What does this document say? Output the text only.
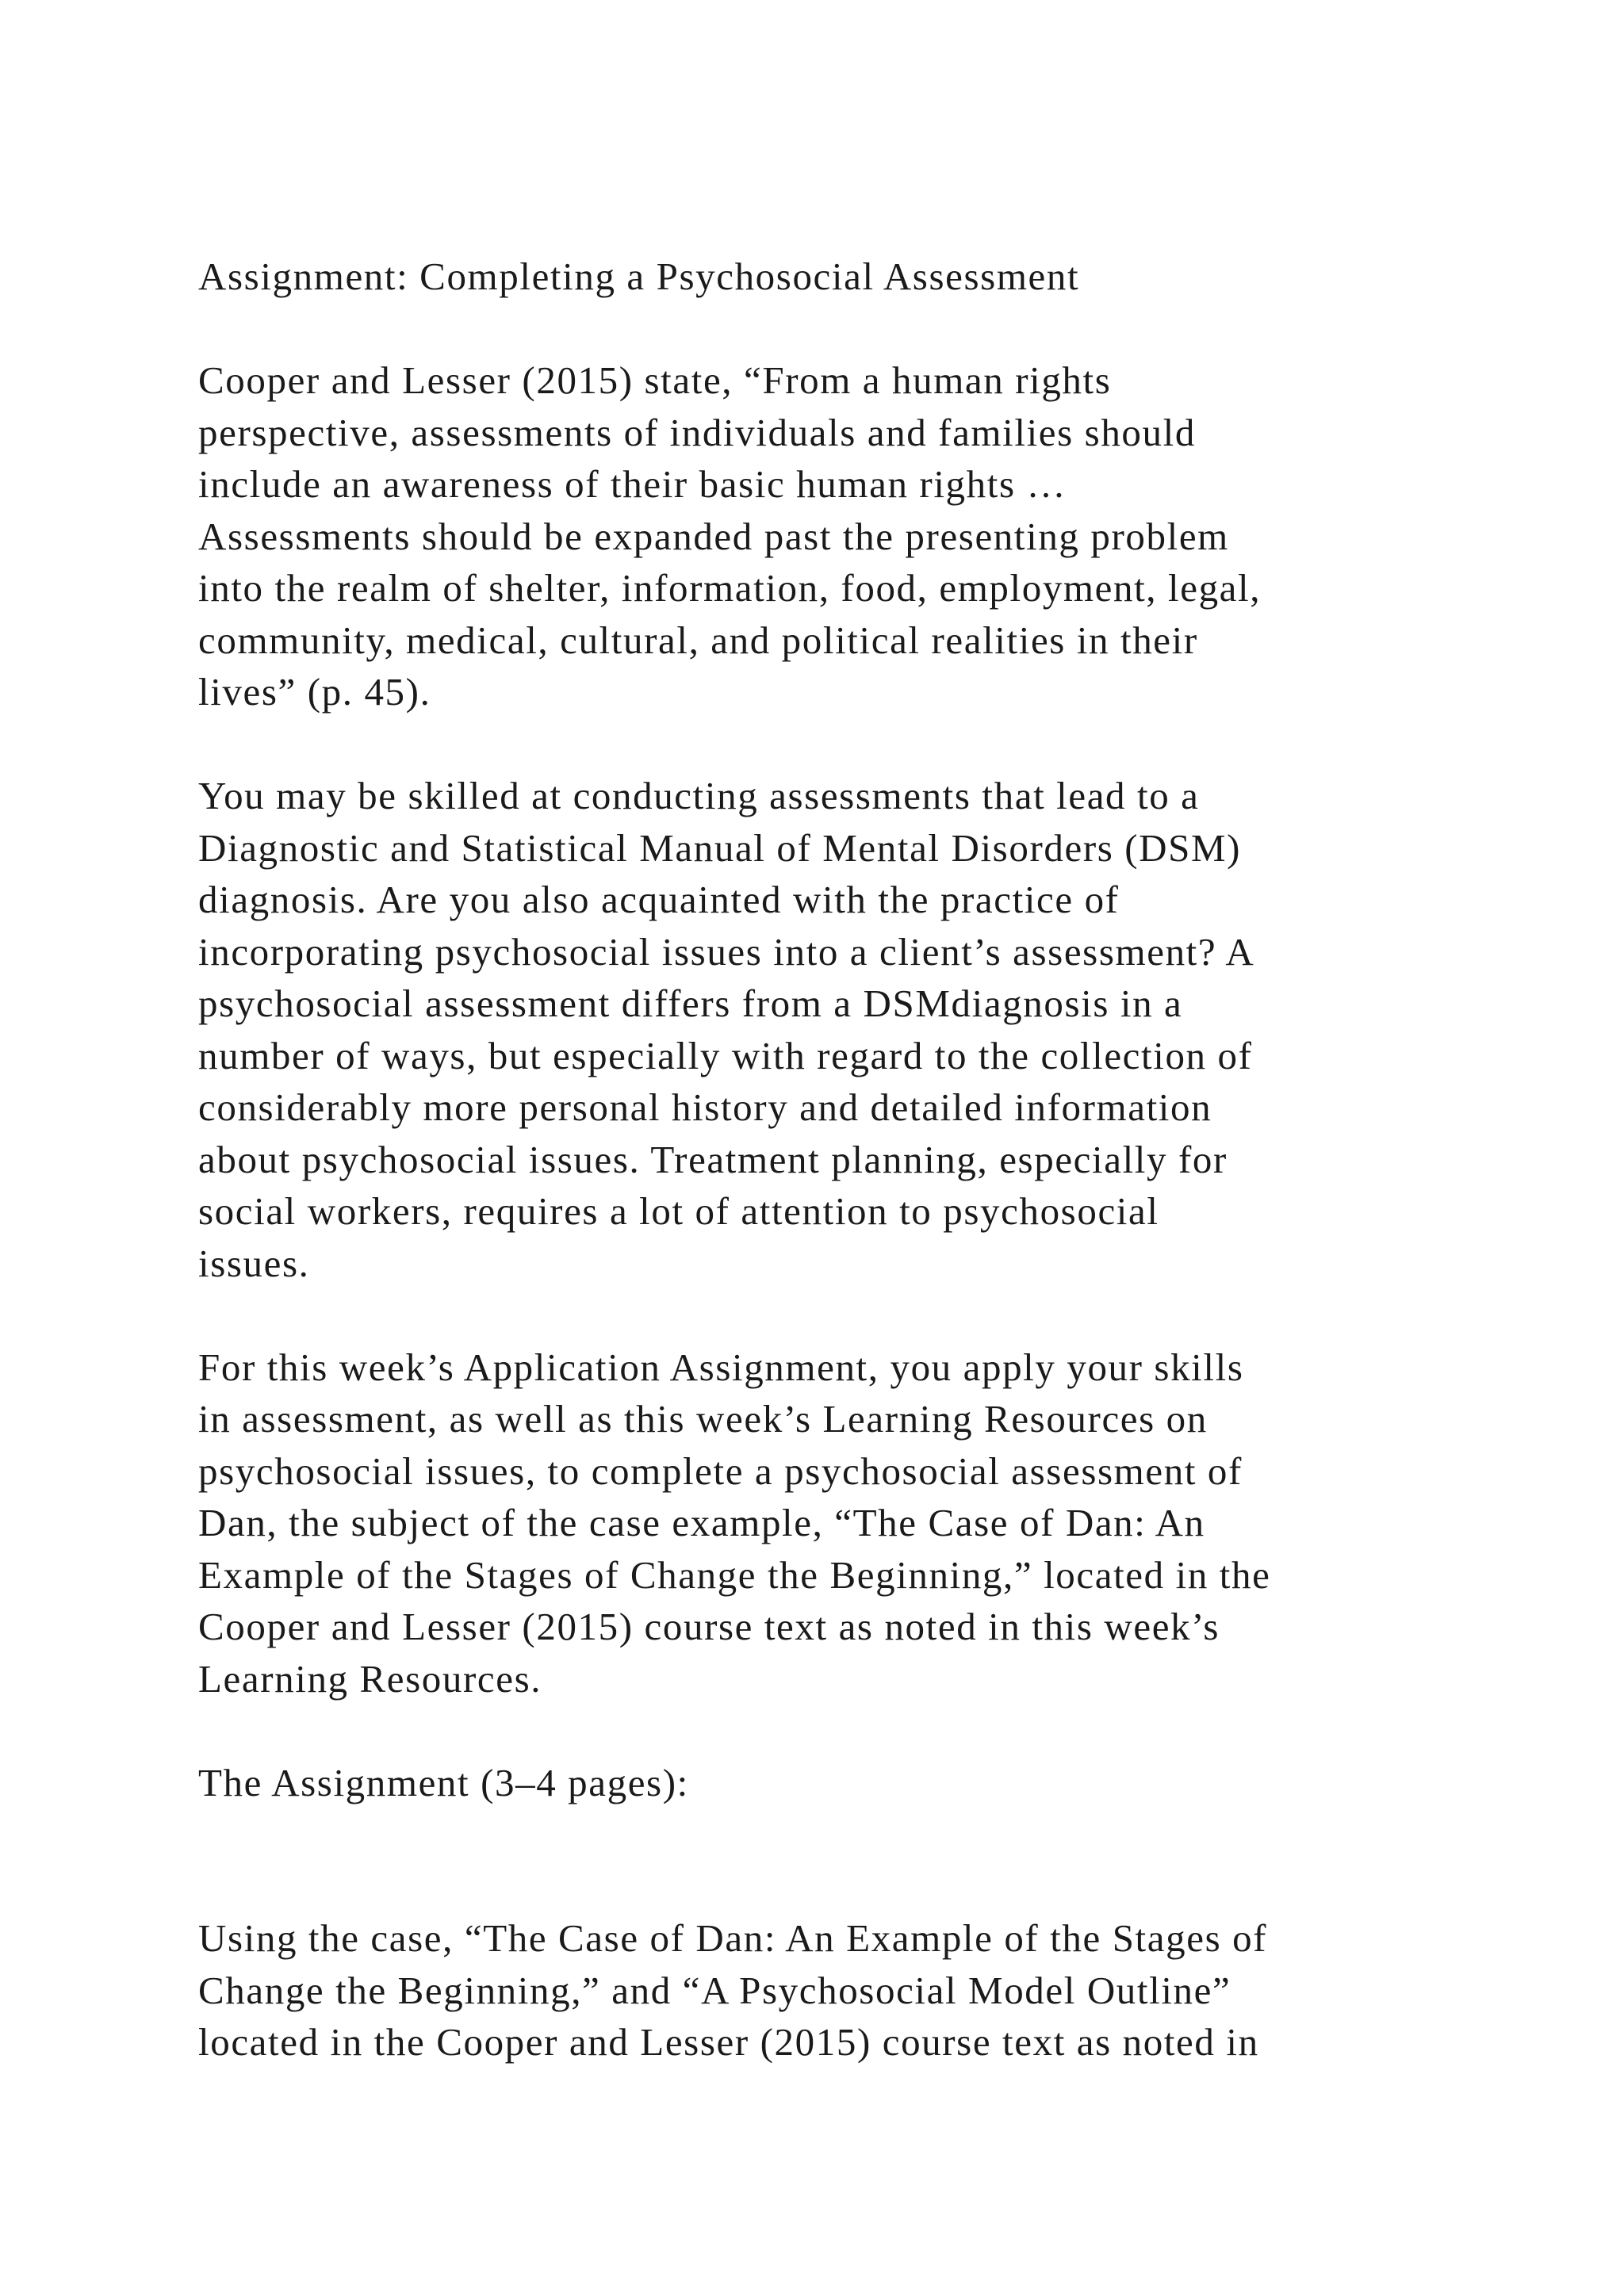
Assignment: Completing a Psychosocial Assessment
Cooper and Lesser (2015) state, “From a human rights
perspective, assessments of individuals and families should
include an awareness of their basic human rights …
Assessments should be expanded past the presenting problem
into the realm of shelter, information, food, employment, legal,
community, medical, cultural, and political realities in their
lives” (p. 45).
You may be skilled at conducting assessments that lead to a
Diagnostic and Statistical Manual of Mental Disorders (DSM)
diagnosis. Are you also acquainted with the practice of
incorporating psychosocial issues into a client’s assessment? A
psychosocial assessment differs from a DSMdiagnosis in a
number of ways, but especially with regard to the collection of
considerably more personal history and detailed information
about psychosocial issues. Treatment planning, especially for
social workers, requires a lot of attention to psychosocial
issues.
For this week’s Application Assignment, you apply your skills
in assessment, as well as this week’s Learning Resources on
psychosocial issues, to complete a psychosocial assessment of
Dan, the subject of the case example, “The Case of Dan: An
Example of the Stages of Change the Beginning,” located in the
Cooper and Lesser (2015) course text as noted in this week’s
Learning Resources.
The Assignment (3–4 pages):
Using the case, “The Case of Dan: An Example of the Stages of
Change the Beginning,” and “A Psychosocial Model Outline”
located in the Cooper and Lesser (2015) course text as noted in
